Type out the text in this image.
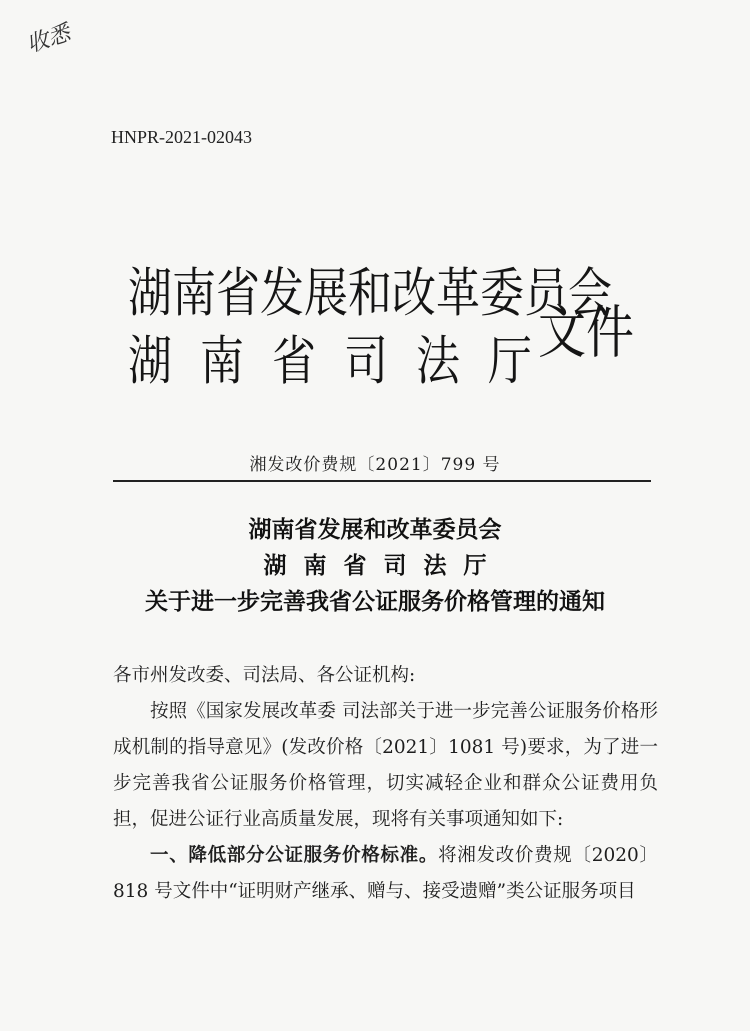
收悉
HNPR-2021-02043
湖南省发展和改革委员会
湖南省司法厅
文件
湘发改价费规〔2021〕799 号
湖南省发展和改革委员会
湖南省司法厅
关于进一步完善我省公证服务价格管理的通知

各市州发改委、司法局、各公证机构:

按照《国家发展改革委 司法部关于进一步完善公证服务价格形成机制的指导意见》(发改价格〔2021〕1081 号)要求，为了进一步完善我省公证服务价格管理，切实减轻企业和群众公证费用负担，促进公证行业高质量发展，现将有关事项通知如下:

一、降低部分公证服务价格标准。将湘发改价费规〔2020〕818 号文件中“证明财产继承、赠与、接受遗赠”类公证服务项目
